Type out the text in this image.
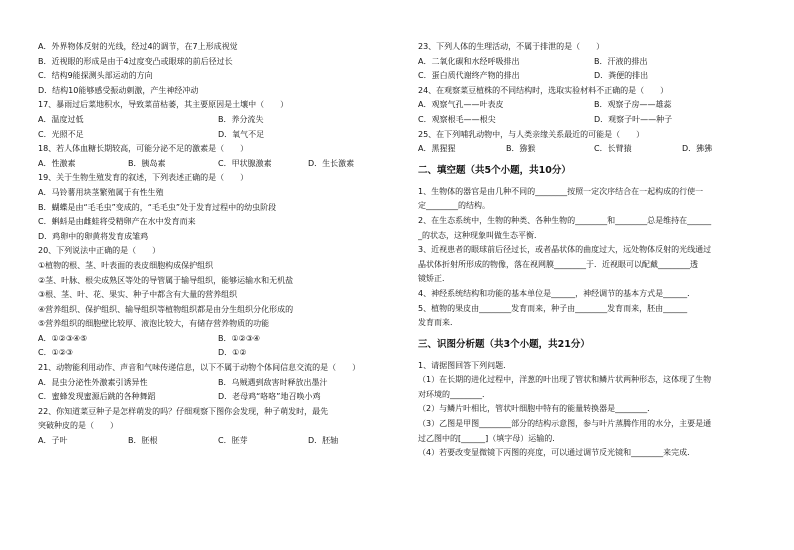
A．外界物体反射的光线，经过4的调节，在7上形成视觉
B．近视眼的形成是由于4过度变凸或眼球的前后径过长
C．结构9能探测头部运动的方向
D．结构10能够感受振动刺激，产生神经冲动
17、暴雨过后菜地积水，导致菜苗枯萎，其主要原因是土壤中（　　）
A．温度过低	B．养分流失
C．光照不足	D．氧气不足
18、若人体血糖长期较高，可能分泌不足的激素是（　　）
A．性激素	B．胰岛素	C．甲状腺激素	D．生长激素
19、关于生物生殖发育的叙述，下列表述正确的是（　　）
A．马铃薯用块茎繁殖属于有性生殖
B．蝴蝶是由“毛毛虫”变成的，“毛毛虫”处于发育过程中的幼虫阶段
C．蝌蚪是由雌蛙将受精卵产在水中发育而来
D．鸡卵中的卵黄将发育成雏鸡
20、下列说法中正确的是（　　）
①植物的根、茎、叶表面的表皮细胞构成保护组织
②茎、叶脉、根尖成熟区等处的导管属于输导组织，能够运输水和无机盐
③根、茎、叶、花、果实、种子中都含有大量的营养组织
④营养组织、保护组织、输导组织等植物组织都是由分生组织分化形成的
⑤营养组织的细胞壁比较厚、液泡比较大，有储存营养物质的功能
A．①②③④⑤	B．①②③④
C．①②③	D．①②
21、动物能利用动作、声音和气味传递信息，以下不属于动物个体间信息交流的是（　　）
A．昆虫分泌性外激素引诱异性	B．乌贼遇到敌害时释放出墨汁
C．蜜蜂发现蜜源后跳的各种舞蹈	D．老母鸡“咯咯”地召唤小鸡
22、你知道菜豆种子是怎样萌发的吗？仔细观察下图你会发现，种子萌发时，最先
突破种皮的是（　　）
A．子叶	B．胚根	C．胚芽	D．胚轴
23、下列人体的生理活动，不属于排泄的是（　　）
A．二氧化碳和水经呼吸排出	B．汗液的排出
C．蛋白质代谢终产物的排出	D．粪便的排出
24、在观察菜豆植株的不同结构时，选取实验材料不正确的是（　　）
A．观察气孔——叶表皮	B．观察子房——雄蕊
C．观察根毛——根尖	D．观察子叶——种子
25、在下列哺乳动物中，与人类亲缘关系最近的可能是（　　）
A．黑猩猩	B．猕猴	C．长臂猿	D．狒狒
二、填空题（共5个小题，共10分）
1、生物体的器官是由几种不同的________按照一定次序结合在一起构成的行使一
定________的结构。
2、在生态系统中，生物的种类、各种生物的________和________总是维持在______
_的状态，这种现象叫做生态平衡．
3、近视患者的眼球前后径过长，或者晶状体的曲度过大，远处物体反射的光线通过
晶状体折射所形成的物像，落在视网膜________于．近视眼可以配戴________透
镜矫正．
4、神经系统结构和功能的基本单位是______，神经调节的基本方式是______．
5、植物的果皮由________发育而来，种子由________发育而来，胚由______
发育而来．
三、识图分析题（共3个小题，共21分）
1、请据图回答下列问题．
（1）在长期的进化过程中，洋葱的叶出现了管状和鳞片状两种形态，这体现了生物
对环境的________．
（2）与鳞片叶相比，管状叶细胞中特有的能量转换器是________．
（3）乙图是甲图________部分的结构示意图，参与叶片蒸腾作用的水分，主要是通
过乙图中的[______]（填字母）运输的．
（4）若要改变显微镜下丙图的亮度，可以通过调节反光镜和________来完成．
